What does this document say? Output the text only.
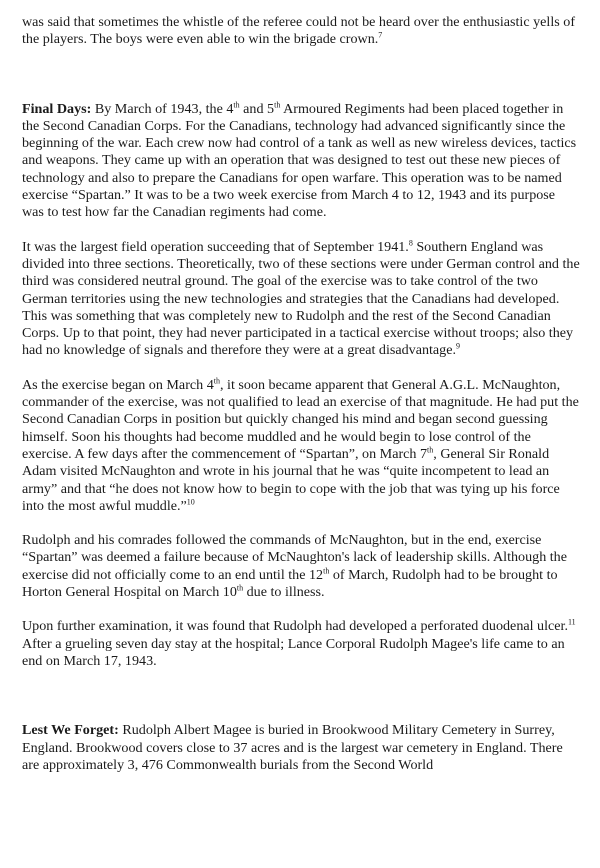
was said that sometimes the whistle of the referee could not be heard over the enthusiastic yells of the players. The boys were even able to win the brigade crown.$^7$

Final Days: By March of 1943, the 4th and 5th Armoured Regiments had been placed together in the Second Canadian Corps. For the Canadians, technology had advanced significantly since the beginning of the war. Each crew now had control of a tank as well as new wireless devices, tactics and weapons. They came up with an operation that was designed to test out these new pieces of technology and also to prepare the Canadians for open warfare. This operation was to be named exercise “Spartan.” It was to be a two week exercise from March 4 to 12, 1943 and its purpose was to test how far the Canadian regiments had come.

It was the largest field operation succeeding that of September 1941.$^8$ Southern England was divided into three sections. Theoretically, two of these sections were under German control and the third was considered neutral ground. The goal of the exercise was to take control of the two German territories using the new technologies and strategies that the Canadians had developed. This was something that was completely new to Rudolph and the rest of the Second Canadian Corps. Up to that point, they had never participated in a tactical exercise without troops; also they had no knowledge of signals and therefore they were at a great disadvantage.$^9$

As the exercise began on March 4th, it soon became apparent that General A.G.L. McNaughton, commander of the exercise, was not qualified to lead an exercise of that magnitude. He had put the Second Canadian Corps in position but quickly changed his mind and began second guessing himself. Soon his thoughts had become muddled and he would begin to lose control of the exercise. A few days after the commencement of “Spartan”, on March 7th, General Sir Ronald Adam visited McNaughton and wrote in his journal that he was “quite incompetent to lead an army” and that “he does not know how to begin to cope with the job that was tying up his force into the most awful muddle.”$^{10}$

Rudolph and his comrades followed the commands of McNaughton, but in the end, exercise “Spartan” was deemed a failure because of McNaughton's lack of leadership skills. Although the exercise did not officially come to an end until the 12th of March, Rudolph had to be brought to Horton General Hospital on March 10th due to illness.

Upon further examination, it was found that Rudolph had developed a perforated duodenal ulcer.$^{11}$ After a grueling seven day stay at the hospital; Lance Corporal Rudolph Magee's life came to an end on March 17, 1943.

Lest We Forget: Rudolph Albert Magee is buried in Brookwood Military Cemetery in Surrey, England. Brookwood covers close to 37 acres and is the largest war cemetery in England. There are approximately 3, 476 Commonwealth burials from the Second World
